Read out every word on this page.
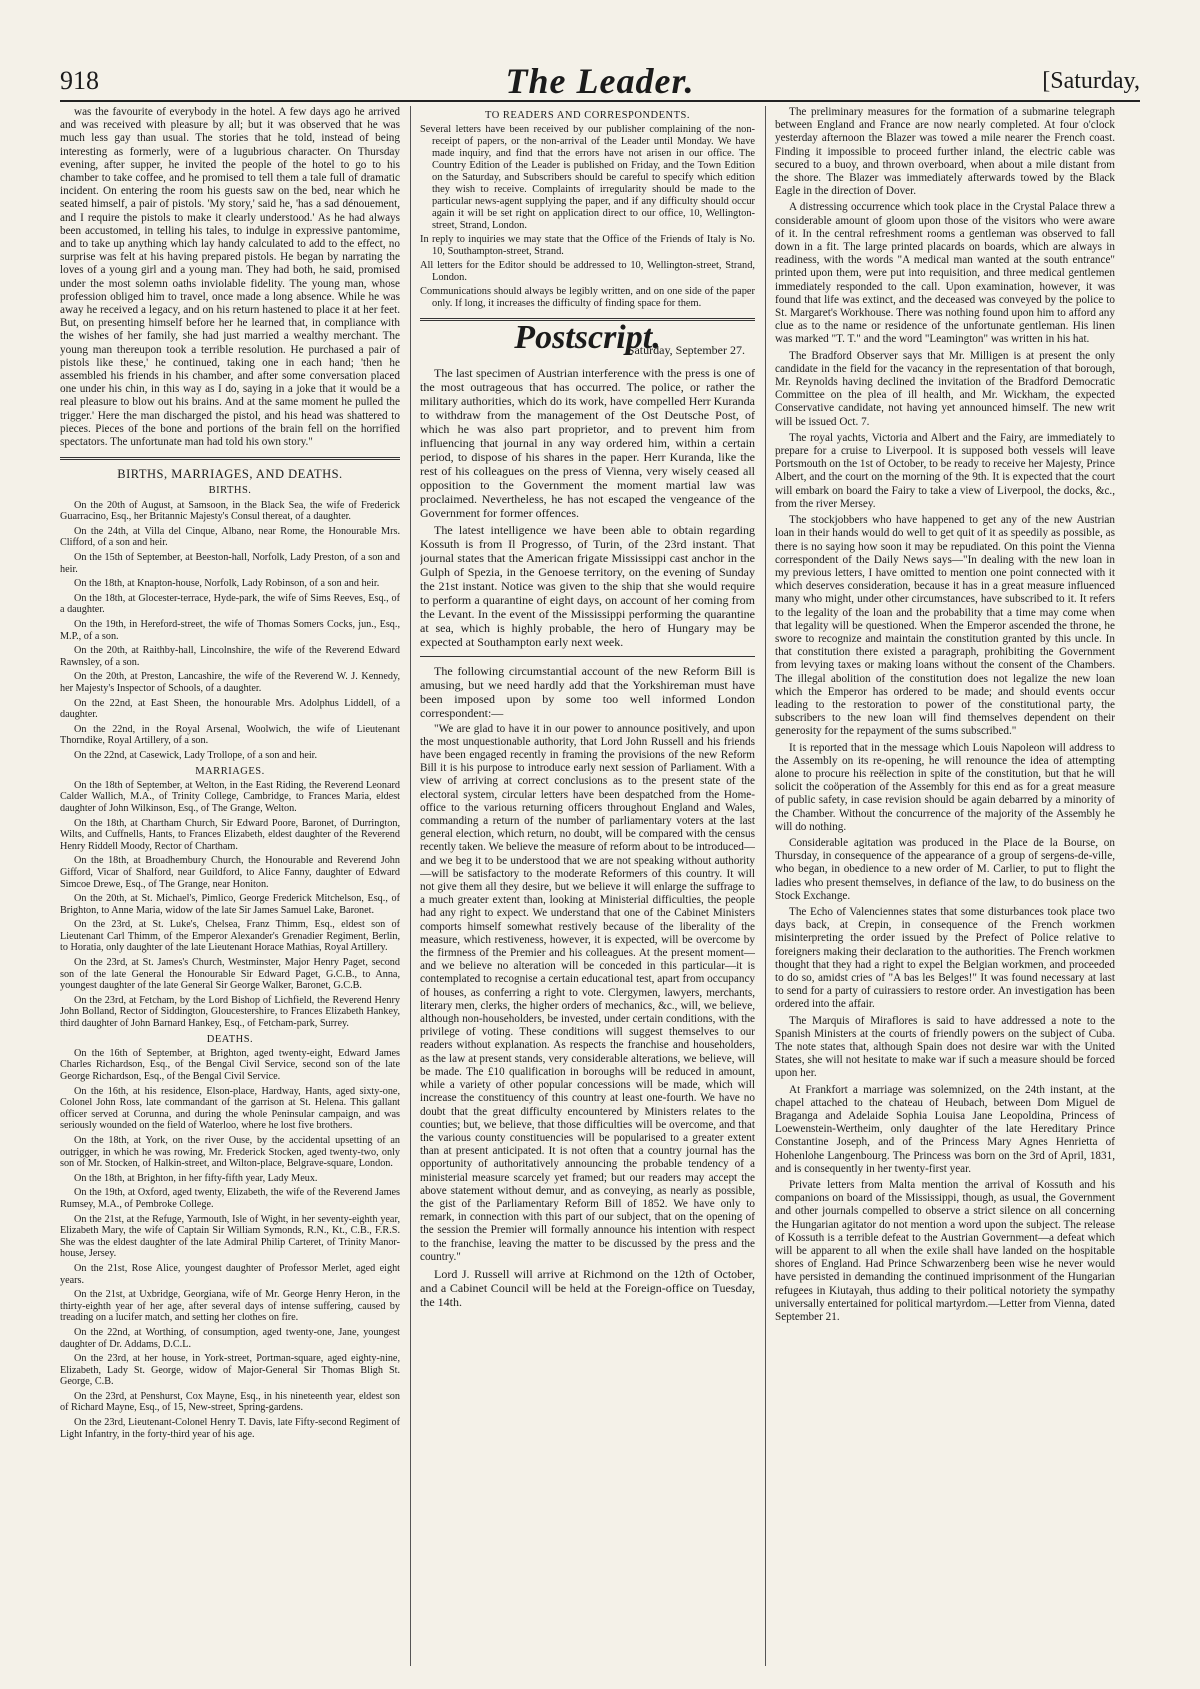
918	The Leader.	[Saturday,

was the favourite of everybody in the hotel. A few days ago he arrived and was received with pleasure by all; but it was observed that he was much less gay than usual. The stories that he told, instead of being interesting as formerly, were of a lugubrious character. On Thursday evening, after supper, he invited the people of the hotel to go to his chamber to take coffee, and he promised to tell them a tale full of dramatic incident. On entering the room his guests saw on the bed, near which he seated himself, a pair of pistols. 'My story,' said he, 'has a sad dénouement, and I require the pistols to make it clearly understood.' As he had always been accustomed, in telling his tales, to indulge in expressive pantomime, and to take up anything which lay handy calculated to add to the effect, no surprise was felt at his having prepared pistols. He began by narrating the loves of a young girl and a young man. They had both, he said, promised under the most solemn oaths inviolable fidelity. The young man, whose profession obliged him to travel, once made a long absence. While he was away he received a legacy, and on his return hastened to place it at her feet. But, on presenting himself before her he learned that, in compliance with the wishes of her family, she had just married a wealthy merchant. The young man thereupon took a terrible resolution. He purchased a pair of pistols like these,' he continued, taking one in each hand; 'then he assembled his friends in his chamber, and after some conversation placed one under his chin, in this way as I do, saying in a joke that it would be a real pleasure to blow out his brains. And at the same moment he pulled the trigger.' Here the man discharged the pistol, and his head was shattered to pieces. Pieces of the bone and portions of the brain fell on the horrified spectators. The unfortunate man had told his own story."

BIRTHS, MARRIAGES, AND DEATHS.
BIRTHS.

On the 20th of August, at Samsoon, in the Black Sea, the wife of Frederick Guarracino, Esq., her Britannic Majesty's Consul thereat, of a daughter.

On the 24th, at Villa del Cinque, Albano, near Rome, the Honourable Mrs. Clifford, of a son and heir.

On the 15th of September, at Beeston-hall, Norfolk, Lady Preston, of a son and heir.

On the 18th, at Knapton-house, Norfolk, Lady Robinson, of a son and heir.

On the 18th, at Glocester-terrace, Hyde-park, the wife of Sims Reeves, Esq., of a daughter.

On the 19th, in Hereford-street, the wife of Thomas Somers Cocks, jun., Esq., M.P., of a son.

On the 20th, at Raithby-hall, Lincolnshire, the wife of the Reverend Edward Rawnsley, of a son.

On the 20th, at Preston, Lancashire, the wife of the Reverend W. J. Kennedy, her Majesty's Inspector of Schools, of a daughter.

On the 22nd, at East Sheen, the honourable Mrs. Adolphus Liddell, of a daughter.

On the 22nd, in the Royal Arsenal, Woolwich, the wife of Lieutenant Thorndike, Royal Artillery, of a son.

On the 22nd, at Casewick, Lady Trollope, of a son and heir.

MARRIAGES.

On the 18th of September, at Welton, in the East Riding, the Reverend Leonard Calder Wallich, M.A., of Trinity College, Cambridge, to Frances Maria, eldest daughter of John Wilkinson, Esq., of The Grange, Welton.

On the 18th, at Chartham Church, Sir Edward Poore, Baronet, of Durrington, Wilts, and Cuffnells, Hants, to Frances Elizabeth, eldest daughter of the Reverend Henry Riddell Moody, Rector of Chartham.

On the 18th, at Broadhembury Church, the Honourable and Reverend John Gifford, Vicar of Shalford, near Guildford, to Alice Fanny, daughter of Edward Simcoe Drewe, Esq., of The Grange, near Honiton.

On the 20th, at St. Michael's, Pimlico, George Frederick Mitchelson, Esq., of Brighton, to Anne Maria, widow of the late Sir James Samuel Lake, Baronet.

On the 23rd, at St. Luke's, Chelsea, Franz Thimm, Esq., eldest son of Lieutenant Carl Thimm, of the Emperor Alexander's Grenadier Regiment, Berlin, to Horatia, only daughter of the late Lieutenant Horace Mathias, Royal Artillery.

On the 23rd, at St. James's Church, Westminster, Major Henry Paget, second son of the late General the Honourable Sir Edward Paget, G.C.B., to Anna, youngest daughter of the late General Sir George Walker, Baronet, G.C.B.

On the 23rd, at Fetcham, by the Lord Bishop of Lichfield, the Reverend Henry John Bolland, Rector of Siddington, Gloucestershire, to Frances Elizabeth Hankey, third daughter of John Barnard Hankey, Esq., of Fetcham-park, Surrey.

DEATHS.

On the 16th of September, at Brighton, aged twenty-eight, Edward James Charles Richardson, Esq., of the Bengal Civil Service, second son of the late George Richardson, Esq., of the Bengal Civil Service.

On the 16th, at his residence, Elson-place, Hardway, Hants, aged sixty-one, Colonel John Ross, late commandant of the garrison at St. Helena. This gallant officer served at Corunna, and during the whole Peninsular campaign, and was seriously wounded on the field of Waterloo, where he lost five brothers.

On the 18th, at York, on the river Ouse, by the accidental upsetting of an outrigger, in which he was rowing, Mr. Frederick Stocken, aged twenty-two, only son of Mr. Stocken, of Halkin-street, and Wilton-place, Belgrave-square, London.

On the 18th, at Brighton, in her fifty-fifth year, Lady Meux.

On the 19th, at Oxford, aged twenty, Elizabeth, the wife of the Reverend James Rumsey, M.A., of Pembroke College.

On the 21st, at the Refuge, Yarmouth, Isle of Wight, in her seventy-eighth year, Elizabeth Mary, the wife of Captain Sir William Symonds, R.N., Kt., C.B., F.R.S. She was the eldest daughter of the late Admiral Philip Carteret, of Trinity Manor-house, Jersey.

On the 21st, Rose Alice, youngest daughter of Professor Merlet, aged eight years.

On the 21st, at Uxbridge, Georgiana, wife of Mr. George Henry Heron, in the thirty-eighth year of her age, after several days of intense suffering, caused by treading on a lucifer match, and setting her clothes on fire.

On the 22nd, at Worthing, of consumption, aged twenty-one, Jane, youngest daughter of Dr. Addams, D.C.L.

On the 23rd, at her house, in York-street, Portman-square, aged eighty-nine, Elizabeth, Lady St. George, widow of Major-General Sir Thomas Bligh St. George, C.B.

On the 23rd, at Penshurst, Cox Mayne, Esq., in his nineteenth year, eldest son of Richard Mayne, Esq., of 15, New-street, Spring-gardens.

On the 23rd, Lieutenant-Colonel Henry T. Davis, late Fifty-second Regiment of Light Infantry, in the forty-third year of his age.

TO READERS AND CORRESPONDENTS.

Several letters have been received by our publisher complaining of the non-receipt of papers, or the non-arrival of the Leader until Monday. We have made inquiry, and find that the errors have not arisen in our office. The Country Edition of the Leader is published on Friday, and the Town Edition on the Saturday, and Subscribers should be careful to specify which edition they wish to receive. Complaints of irregularity should be made to the particular news-agent supplying the paper, and if any difficulty should occur again it will be set right on application direct to our office, 10, Wellington-street, Strand, London.

In reply to inquiries we may state that the Office of the Friends of Italy is No. 10, Southampton-street, Strand.

All letters for the Editor should be addressed to 10, Wellington-street, Strand, London.

Communications should always be legibly written, and on one side of the paper only. If long, it increases the difficulty of finding space for them.

Postscript.
Saturday, September 27.

The last specimen of Austrian interference with the press is one of the most outrageous that has occurred. The police, or rather the military authorities, which do its work, have compelled Herr Kuranda to withdraw from the management of the Ost Deutsche Post, of which he was also part proprietor, and to prevent him from influencing that journal in any way ordered him, within a certain period, to dispose of his shares in the paper. Herr Kuranda, like the rest of his colleagues on the press of Vienna, very wisely ceased all opposition to the Government the moment martial law was proclaimed. Nevertheless, he has not escaped the vengeance of the Government for former offences.

The latest intelligence we have been able to obtain regarding Kossuth is from Il Progresso, of Turin, of the 23rd instant. That journal states that the American frigate Mississippi cast anchor in the Gulph of Spezia, in the Genoese territory, on the evening of Sunday the 21st instant. Notice was given to the ship that she would require to perform a quarantine of eight days, on account of her coming from the Levant. In the event of the Mississippi performing the quarantine at sea, which is highly probable, the hero of Hungary may be expected at Southampton early next week.

The following circumstantial account of the new Reform Bill is amusing, but we need hardly add that the Yorkshireman must have been imposed upon by some too well informed London correspondent:—

"We are glad to have it in our power to announce positively, and upon the most unquestionable authority, that Lord John Russell and his friends have been engaged recently in framing the provisions of the new Reform Bill it is his purpose to introduce early next session of Parliament. With a view of arriving at correct conclusions as to the present state of the electoral system, circular letters have been despatched from the Home-office to the various returning officers throughout England and Wales, commanding a return of the number of parliamentary voters at the last general election, which return, no doubt, will be compared with the census recently taken. We believe the measure of reform about to be introduced—and we beg it to be understood that we are not speaking without authority—will be satisfactory to the moderate Reformers of this country. It will not give them all they desire, but we believe it will enlarge the suffrage to a much greater extent than, looking at Ministerial difficulties, the people had any right to expect. We understand that one of the Cabinet Ministers comports himself somewhat restively because of the liberality of the measure, which restiveness, however, it is expected, will be overcome by the firmness of the Premier and his colleagues. At the present moment—and we believe no alteration will be conceded in this particular—it is contemplated to recognise a certain educational test, apart from occupancy of houses, as conferring a right to vote. Clergymen, lawyers, merchants, literary men, clerks, the higher orders of mechanics, &c., will, we believe, although non-householders, be invested, under certain conditions, with the privilege of voting. These conditions will suggest themselves to our readers without explanation. As respects the franchise and householders, as the law at present stands, very considerable alterations, we believe, will be made. The £10 qualification in boroughs will be reduced in amount, while a variety of other popular concessions will be made, which will increase the constituency of this country at least one-fourth. We have no doubt that the great difficulty encountered by Ministers relates to the counties; but, we believe, that those difficulties will be overcome, and that the various county constituencies will be popularised to a greater extent than at present anticipated. It is not often that a country journal has the opportunity of authoritatively announcing the probable tendency of a ministerial measure scarcely yet framed; but our readers may accept the above statement without demur, and as conveying, as nearly as possible, the gist of the Parliamentary Reform Bill of 1852. We have only to remark, in connection with this part of our subject, that on the opening of the session the Premier will formally announce his intention with respect to the franchise, leaving the matter to be discussed by the press and the country."

Lord J. Russell will arrive at Richmond on the 12th of October, and a Cabinet Council will be held at the Foreign-office on Tuesday, the 14th.

The preliminary measures for the formation of a submarine telegraph between England and France are now nearly completed. At four o'clock yesterday afternoon the Blazer was towed a mile nearer the French coast. Finding it impossible to proceed further inland, the electric cable was secured to a buoy, and thrown overboard, when about a mile distant from the shore. The Blazer was immediately afterwards towed by the Black Eagle in the direction of Dover.

A distressing occurrence which took place in the Crystal Palace threw a considerable amount of gloom upon those of the visitors who were aware of it. In the central refreshment rooms a gentleman was observed to fall down in a fit. The large printed placards on boards, which are always in readiness, with the words "A medical man wanted at the south entrance" printed upon them, were put into requisition, and three medical gentlemen immediately responded to the call. Upon examination, however, it was found that life was extinct, and the deceased was conveyed by the police to St. Margaret's Workhouse. There was nothing found upon him to afford any clue as to the name or residence of the unfortunate gentleman. His linen was marked "T. T." and the word "Leamington" was written in his hat.

The Bradford Observer says that Mr. Milligen is at present the only candidate in the field for the vacancy in the representation of that borough, Mr. Reynolds having declined the invitation of the Bradford Democratic Committee on the plea of ill health, and Mr. Wickham, the expected Conservative candidate, not having yet announced himself. The new writ will be issued Oct. 7.

The royal yachts, Victoria and Albert and the Fairy, are immediately to prepare for a cruise to Liverpool. It is supposed both vessels will leave Portsmouth on the 1st of October, to be ready to receive her Majesty, Prince Albert, and the court on the morning of the 9th. It is expected that the court will embark on board the Fairy to take a view of Liverpool, the docks, &c., from the river Mersey.

The stockjobbers who have happened to get any of the new Austrian loan in their hands would do well to get quit of it as speedily as possible, as there is no saying how soon it may be repudiated. On this point the Vienna correspondent of the Daily News says—"In dealing with the new loan in my previous letters, I have omitted to mention one point connected with it which deserves consideration, because it has in a great measure influenced many who might, under other circumstances, have subscribed to it. It refers to the legality of the loan and the probability that a time may come when that legality will be questioned. When the Emperor ascended the throne, he swore to recognize and maintain the constitution granted by this uncle. In that constitution there existed a paragraph, prohibiting the Government from levying taxes or making loans without the consent of the Chambers. The illegal abolition of the constitution does not legalize the new loan which the Emperor has ordered to be made; and should events occur leading to the restoration to power of the constitutional party, the subscribers to the new loan will find themselves dependent on their generosity for the repayment of the sums subscribed."

It is reported that in the message which Louis Napoleon will address to the Assembly on its re-opening, he will renounce the idea of attempting alone to procure his reëlection in spite of the constitution, but that he will solicit the coöperation of the Assembly for this end as for a great measure of public safety, in case revision should be again debarred by a minority of the Chamber. Without the concurrence of the majority of the Assembly he will do nothing.

Considerable agitation was produced in the Place de la Bourse, on Thursday, in consequence of the appearance of a group of sergens-de-ville, who began, in obedience to a new order of M. Carlier, to put to flight the ladies who present themselves, in defiance of the law, to do business on the Stock Exchange.

The Echo of Valenciennes states that some disturbances took place two days back, at Crepin, in consequence of the French workmen misinterpreting the order issued by the Prefect of Police relative to foreigners making their declaration to the authorities. The French workmen thought that they had a right to expel the Belgian workmen, and proceeded to do so, amidst cries of "A bas les Belges!" It was found necessary at last to send for a party of cuirassiers to restore order. An investigation has been ordered into the affair.

The Marquis of Miraflores is said to have addressed a note to the Spanish Ministers at the courts of friendly powers on the subject of Cuba. The note states that, although Spain does not desire war with the United States, she will not hesitate to make war if such a measure should be forced upon her.

At Frankfort a marriage was solemnized, on the 24th instant, at the chapel attached to the chateau of Heubach, between Dom Miguel de Braganga and Adelaide Sophia Louisa Jane Leopoldina, Princess of Loewenstein-Wertheim, only daughter of the late Hereditary Prince Constantine Joseph, and of the Princess Mary Agnes Henrietta of Hohenlohe Langenbourg. The Princess was born on the 3rd of April, 1831, and is consequently in her twenty-first year.

Private letters from Malta mention the arrival of Kossuth and his companions on board of the Mississippi, though, as usual, the Government and other journals compelled to observe a strict silence on all concerning the Hungarian agitator do not mention a word upon the subject. The release of Kossuth is a terrible defeat to the Austrian Government—a defeat which will be apparent to all when the exile shall have landed on the hospitable shores of England. Had Prince Schwarzenberg been wise he never would have persisted in demanding the continued imprisonment of the Hungarian refugees in Kiutayah, thus adding to their political notoriety the sympathy universally entertained for political martyrdom.—Letter from Vienna, dated September 21.
